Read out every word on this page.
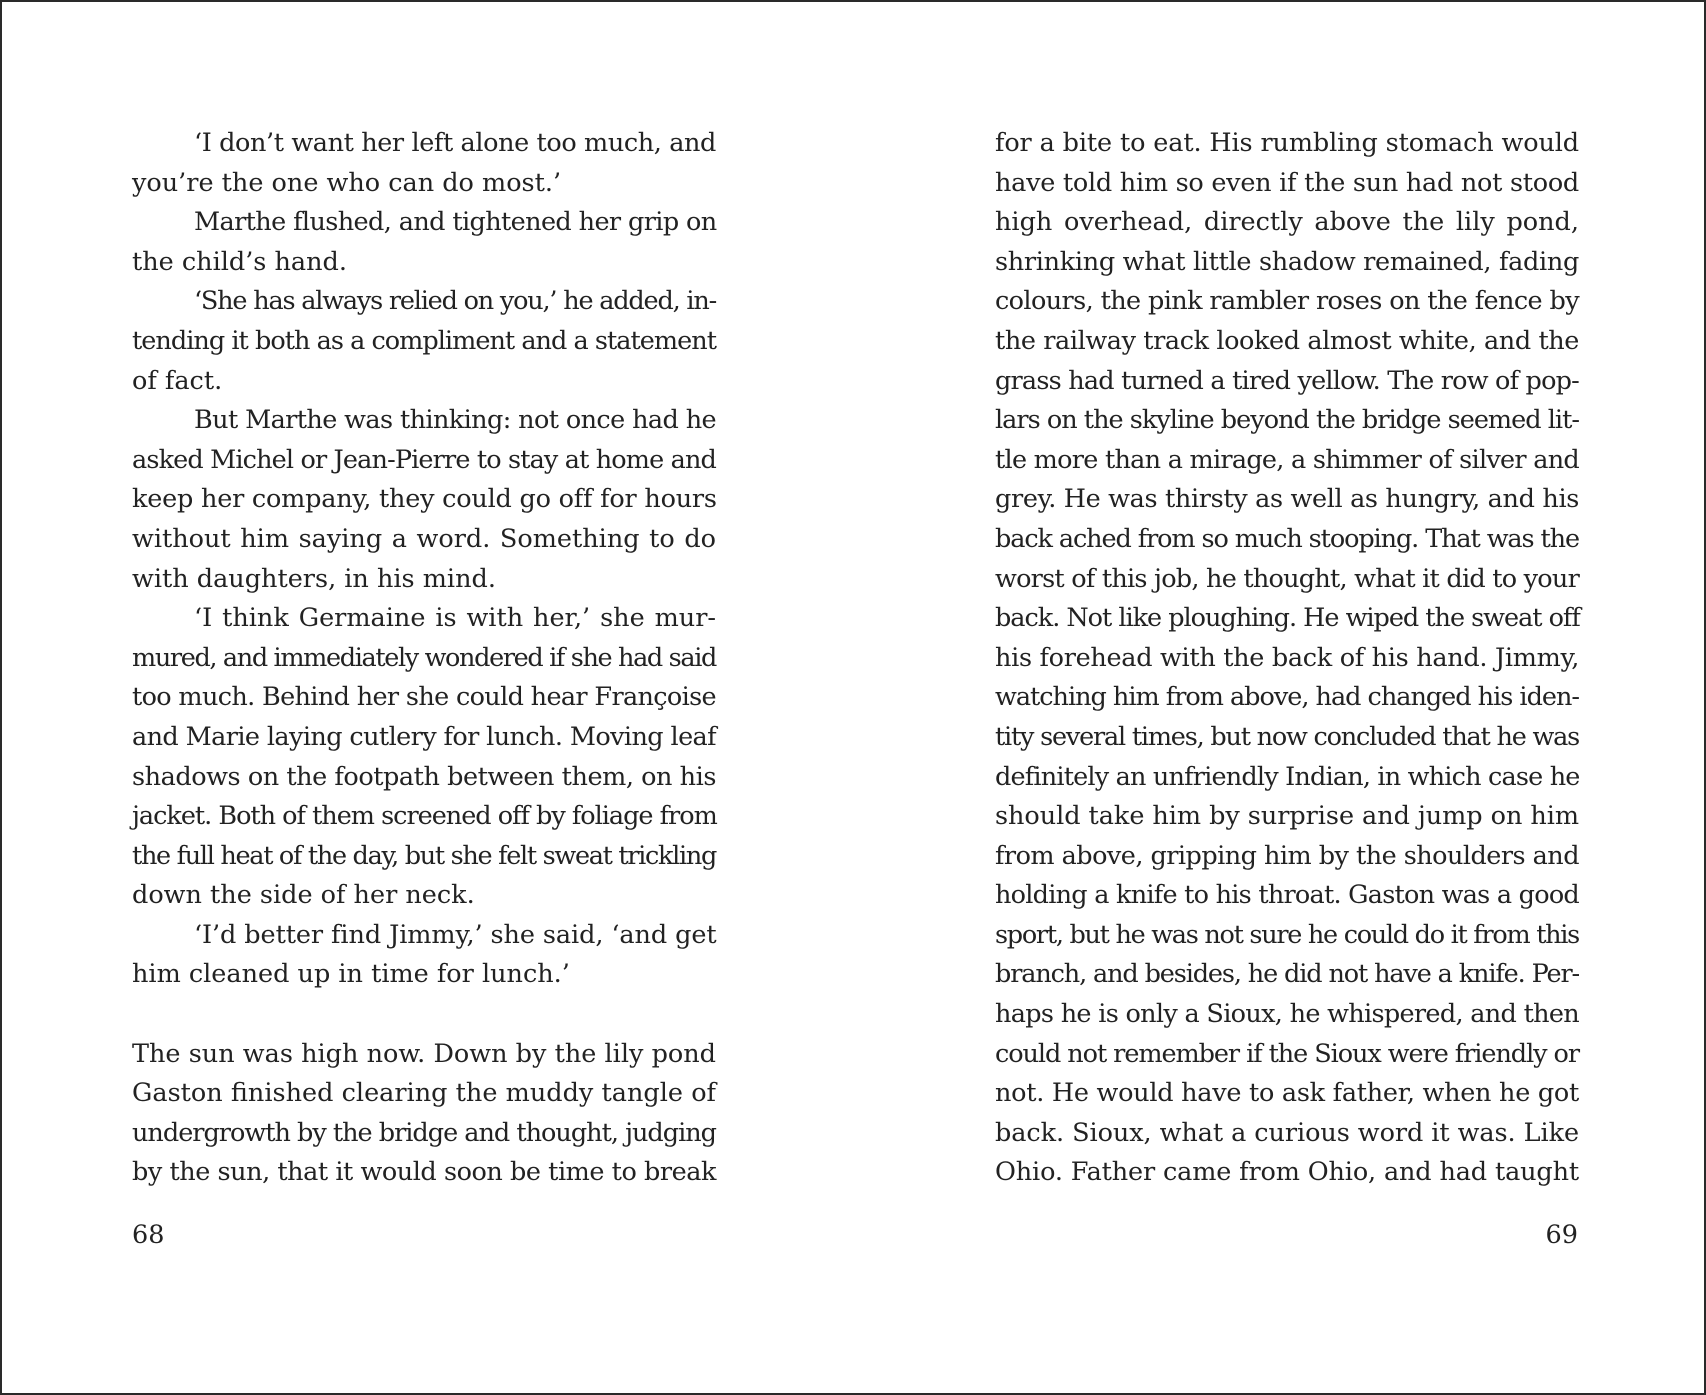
‘I don’t want her left alone too much, and
you’re the one who can do most.’
Marthe flushed, and tightened her grip on
the child’s hand.
‘She has always relied on you,’ he added, in-
tending it both as a compliment and a statement
of fact.
But Marthe was thinking: not once had he
asked Michel or Jean-Pierre to stay at home and
keep her company, they could go off for hours
without him saying a word. Something to do
with daughters, in his mind.
‘I think Germaine is with her,’ she mur-
mured, and immediately wondered if she had said
too much. Behind her she could hear Françoise
and Marie laying cutlery for lunch. Moving leaf
shadows on the footpath between them, on his
jacket. Both of them screened off by foliage from
the full heat of the day, but she felt sweat trickling
down the side of her neck.
‘I’d better find Jimmy,’ she said, ‘and get
him cleaned up in time for lunch.’
The sun was high now. Down by the lily pond
Gaston finished clearing the muddy tangle of
undergrowth by the bridge and thought, judging
by the sun, that it would soon be time to break
68
for a bite to eat. His rumbling stomach would
have told him so even if the sun had not stood
high overhead, directly above the lily pond,
shrinking what little shadow remained, fading
colours, the pink rambler roses on the fence by
the railway track looked almost white, and the
grass had turned a tired yellow. The row of pop-
lars on the skyline beyond the bridge seemed lit-
tle more than a mirage, a shimmer of silver and
grey. He was thirsty as well as hungry, and his
back ached from so much stooping. That was the
worst of this job, he thought, what it did to your
back. Not like ploughing. He wiped the sweat off
his forehead with the back of his hand. Jimmy,
watching him from above, had changed his iden-
tity several times, but now concluded that he was
definitely an unfriendly Indian, in which case he
should take him by surprise and jump on him
from above, gripping him by the shoulders and
holding a knife to his throat. Gaston was a good
sport, but he was not sure he could do it from this
branch, and besides, he did not have a knife. Per-
haps he is only a Sioux, he whispered, and then
could not remember if the Sioux were friendly or
not. He would have to ask father, when he got
back. Sioux, what a curious word it was. Like
Ohio. Father came from Ohio, and had taught
69
